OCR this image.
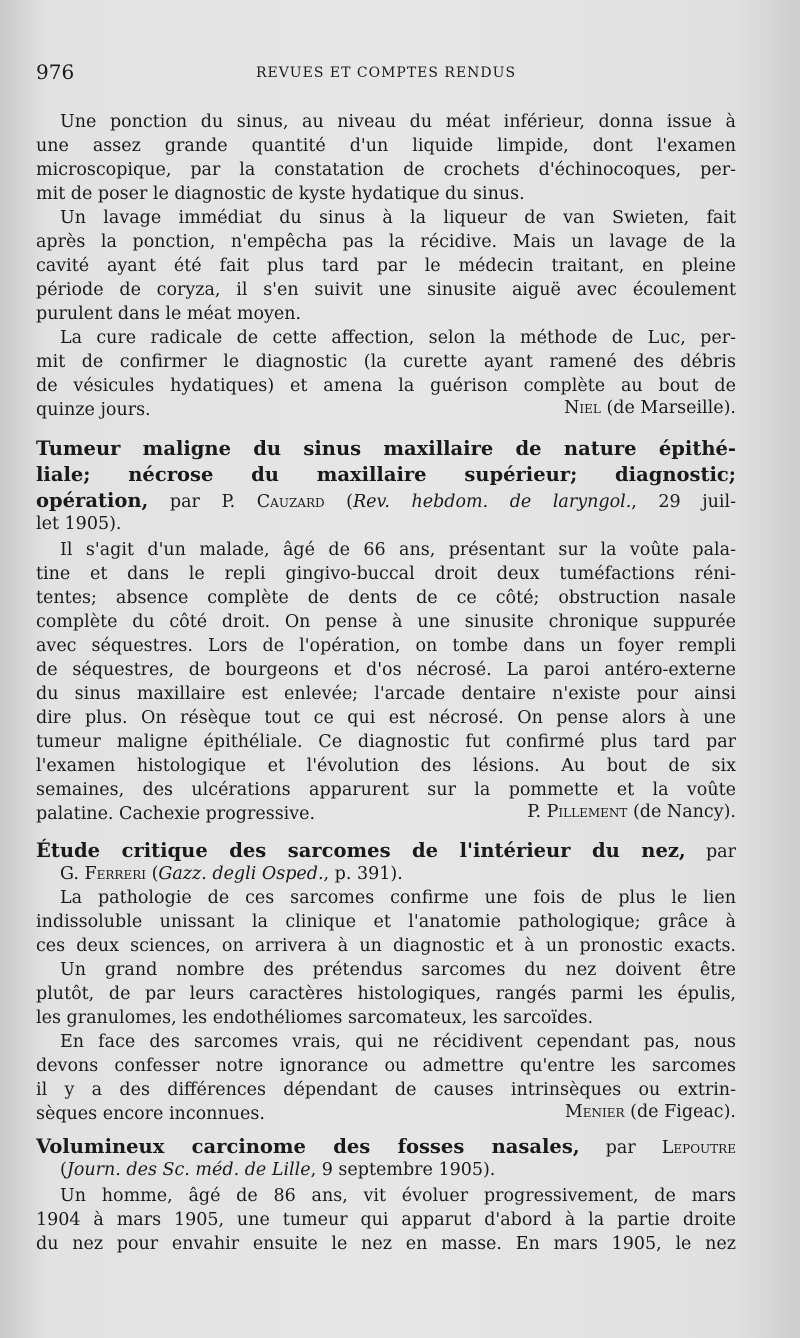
976	REVUES ET COMPTES RENDUS
Une ponction du sinus, au niveau du méat inférieur, donna issue à
une assez grande quantité d'un liquide limpide, dont l'examen
microscopique, par la constatation de crochets d'échinocoques, per-
mit de poser le diagnostic de kyste hydatique du sinus.
Un lavage immédiat du sinus à la liqueur de van Swieten, fait
après la ponction, n'empêcha pas la récidive. Mais un lavage de la
cavité ayant été fait plus tard par le médecin traitant, en pleine
période de coryza, il s'en suivit une sinusite aiguë avec écoulement
purulent dans le méat moyen.
La cure radicale de cette affection, selon la méthode de Luc, per-
mit de confirmer le diagnostic (la curette ayant ramené des débris
de vésicules hydatiques) et amena la guérison complète au bout de
quinze jours.	Niel (de Marseille).
Tumeur maligne du sinus maxillaire de nature épithé-
liale; nécrose du maxillaire supérieur; diagnostic;
opération, par P. Cauzard (Rev. hebdom. de laryngol., 29 juil-
let 1905).
Il s'agit d'un malade, âgé de 66 ans, présentant sur la voûte pala-
tine et dans le repli gingivo-buccal droit deux tuméfactions réni-
tentes; absence complète de dents de ce côté; obstruction nasale
complète du côté droit. On pense à une sinusite chronique suppurée
avec séquestres. Lors de l'opération, on tombe dans un foyer rempli
de séquestres, de bourgeons et d'os nécrosé. La paroi antéro-externe
du sinus maxillaire est enlevée; l'arcade dentaire n'existe pour ainsi
dire plus. On résèque tout ce qui est nécrosé. On pense alors à une
tumeur maligne épithéliale. Ce diagnostic fut confirmé plus tard par
l'examen histologique et l'évolution des lésions. Au bout de six
semaines, des ulcérations apparurent sur la pommette et la voûte
palatine. Cachexie progressive.	P. Pillement (de Nancy).
Étude critique des sarcomes de l'intérieur du nez, par
G. Ferreri (Gazz. degli Osped., p. 391).
La pathologie de ces sarcomes confirme une fois de plus le lien
indissoluble unissant la clinique et l'anatomie pathologique; grâce à
ces deux sciences, on arrivera à un diagnostic et à un pronostic exacts.
Un grand nombre des prétendus sarcomes du nez doivent être
plutôt, de par leurs caractères histologiques, rangés parmi les épulis,
les granulomes, les endothéliomes sarcomateux, les sarcoïdes.
En face des sarcomes vrais, qui ne récidivent cependant pas, nous
devons confesser notre ignorance ou admettre qu'entre les sarcomes
il y a des différences dépendant de causes intrinsèques ou extrin-
sèques encore inconnues.	Menier (de Figeac).
Volumineux carcinome des fosses nasales, par Lepoutre
(Journ. des Sc. méd. de Lille, 9 septembre 1905).
Un homme, âgé de 86 ans, vit évoluer progressivement, de mars
1904 à mars 1905, une tumeur qui apparut d'abord à la partie droite
du nez pour envahir ensuite le nez en masse. En mars 1905, le nez
